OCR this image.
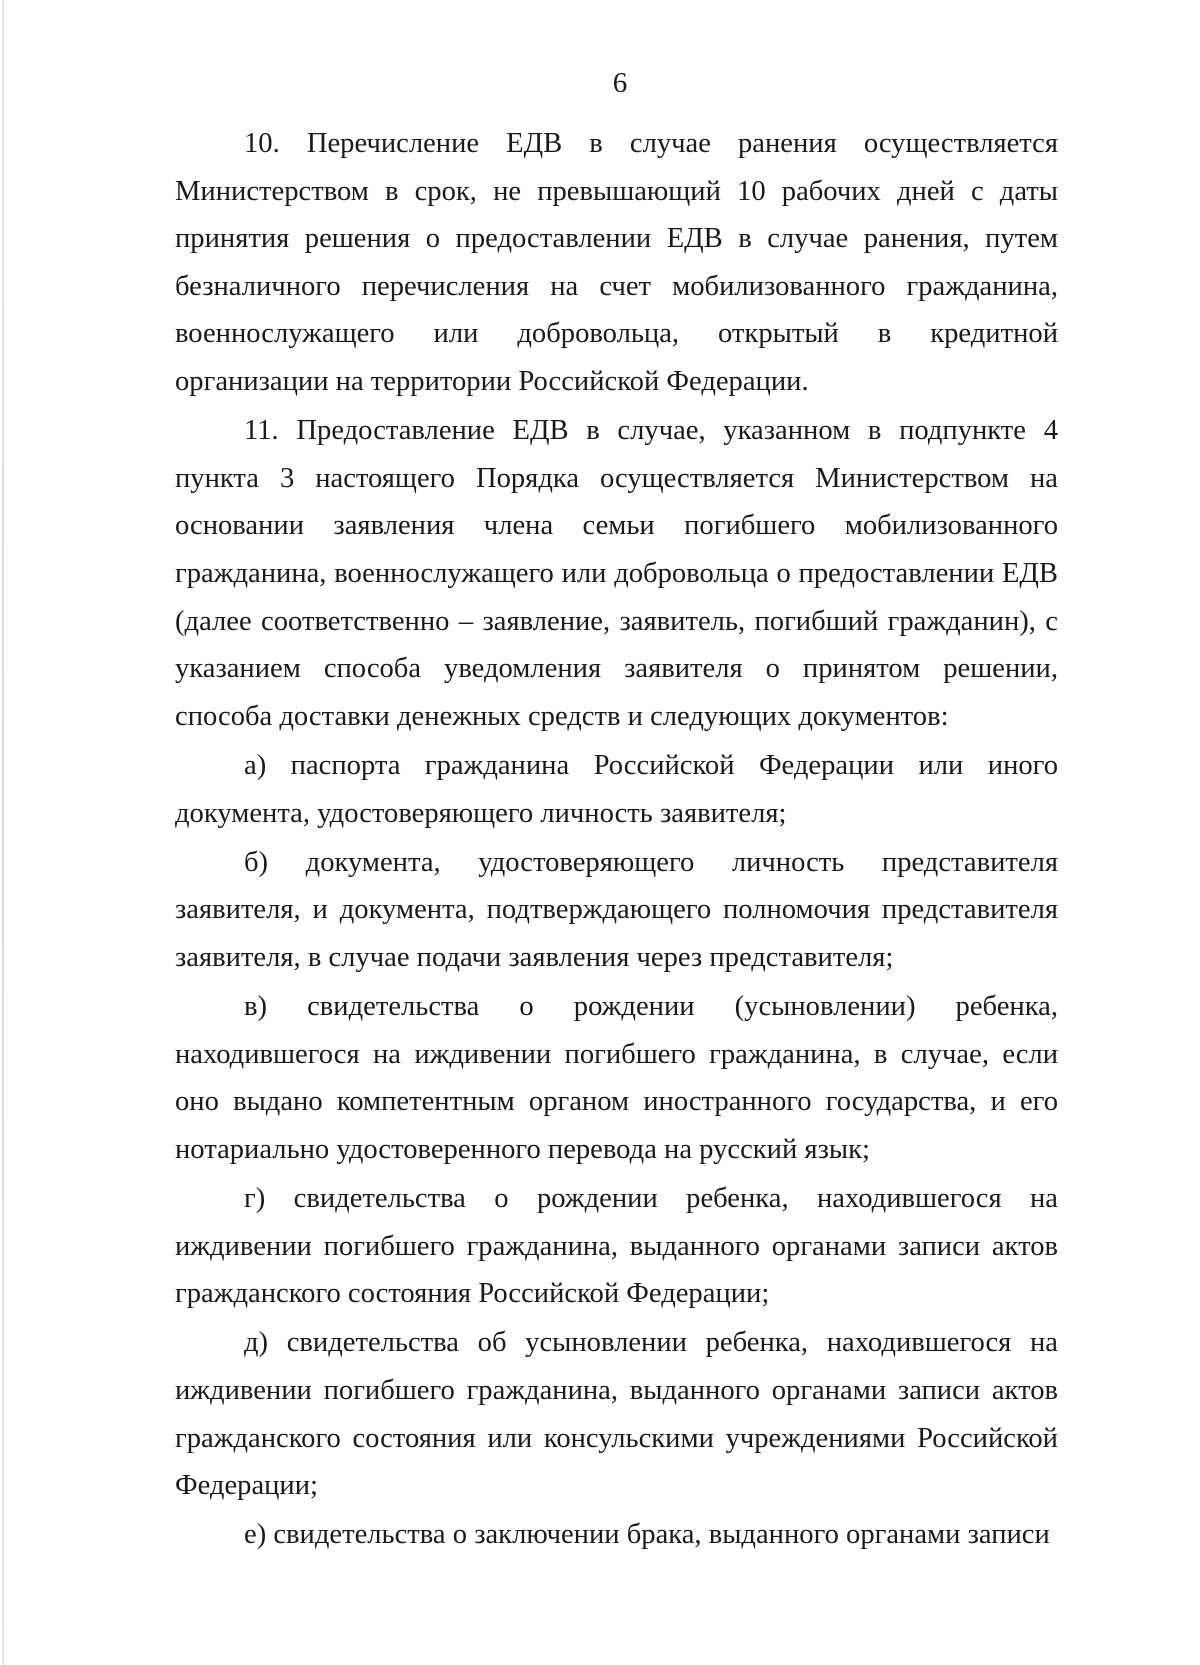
6

10. Перечисление ЕДВ в случае ранения осуществляется Министерством в срок, не превышающий 10 рабочих дней с даты принятия решения о предоставлении ЕДВ в случае ранения, путем безналичного перечисления на счет мобилизованного гражданина, военнослужащего или добровольца, открытый в кредитной организации на территории Российской Федерации.

11. Предоставление ЕДВ в случае, указанном в подпункте 4 пункта 3 настоящего Порядка осуществляется Министерством на основании заявления члена семьи погибшего мобилизованного гражданина, военнослужащего или добровольца о предоставлении ЕДВ (далее соответственно – заявление, заявитель, погибший гражданин), с указанием способа уведомления заявителя о принятом решении, способа доставки денежных средств и следующих документов:

а) паспорта гражданина Российской Федерации или иного документа, удостоверяющего личность заявителя;

б) документа, удостоверяющего личность представителя заявителя, и документа, подтверждающего полномочия представителя заявителя, в случае подачи заявления через представителя;

в) свидетельства о рождении (усыновлении) ребенка, находившегося на иждивении погибшего гражданина, в случае, если оно выдано компетентным органом иностранного государства, и его нотариально удостоверенного перевода на русский язык;

г) свидетельства о рождении ребенка, находившегося на иждивении погибшего гражданина, выданного органами записи актов гражданского состояния Российской Федерации;

д) свидетельства об усыновлении ребенка, находившегося на иждивении погибшего гражданина, выданного органами записи актов гражданского состояния или консульскими учреждениями Российской Федерации;

е) свидетельства о заключении брака, выданного органами записи
